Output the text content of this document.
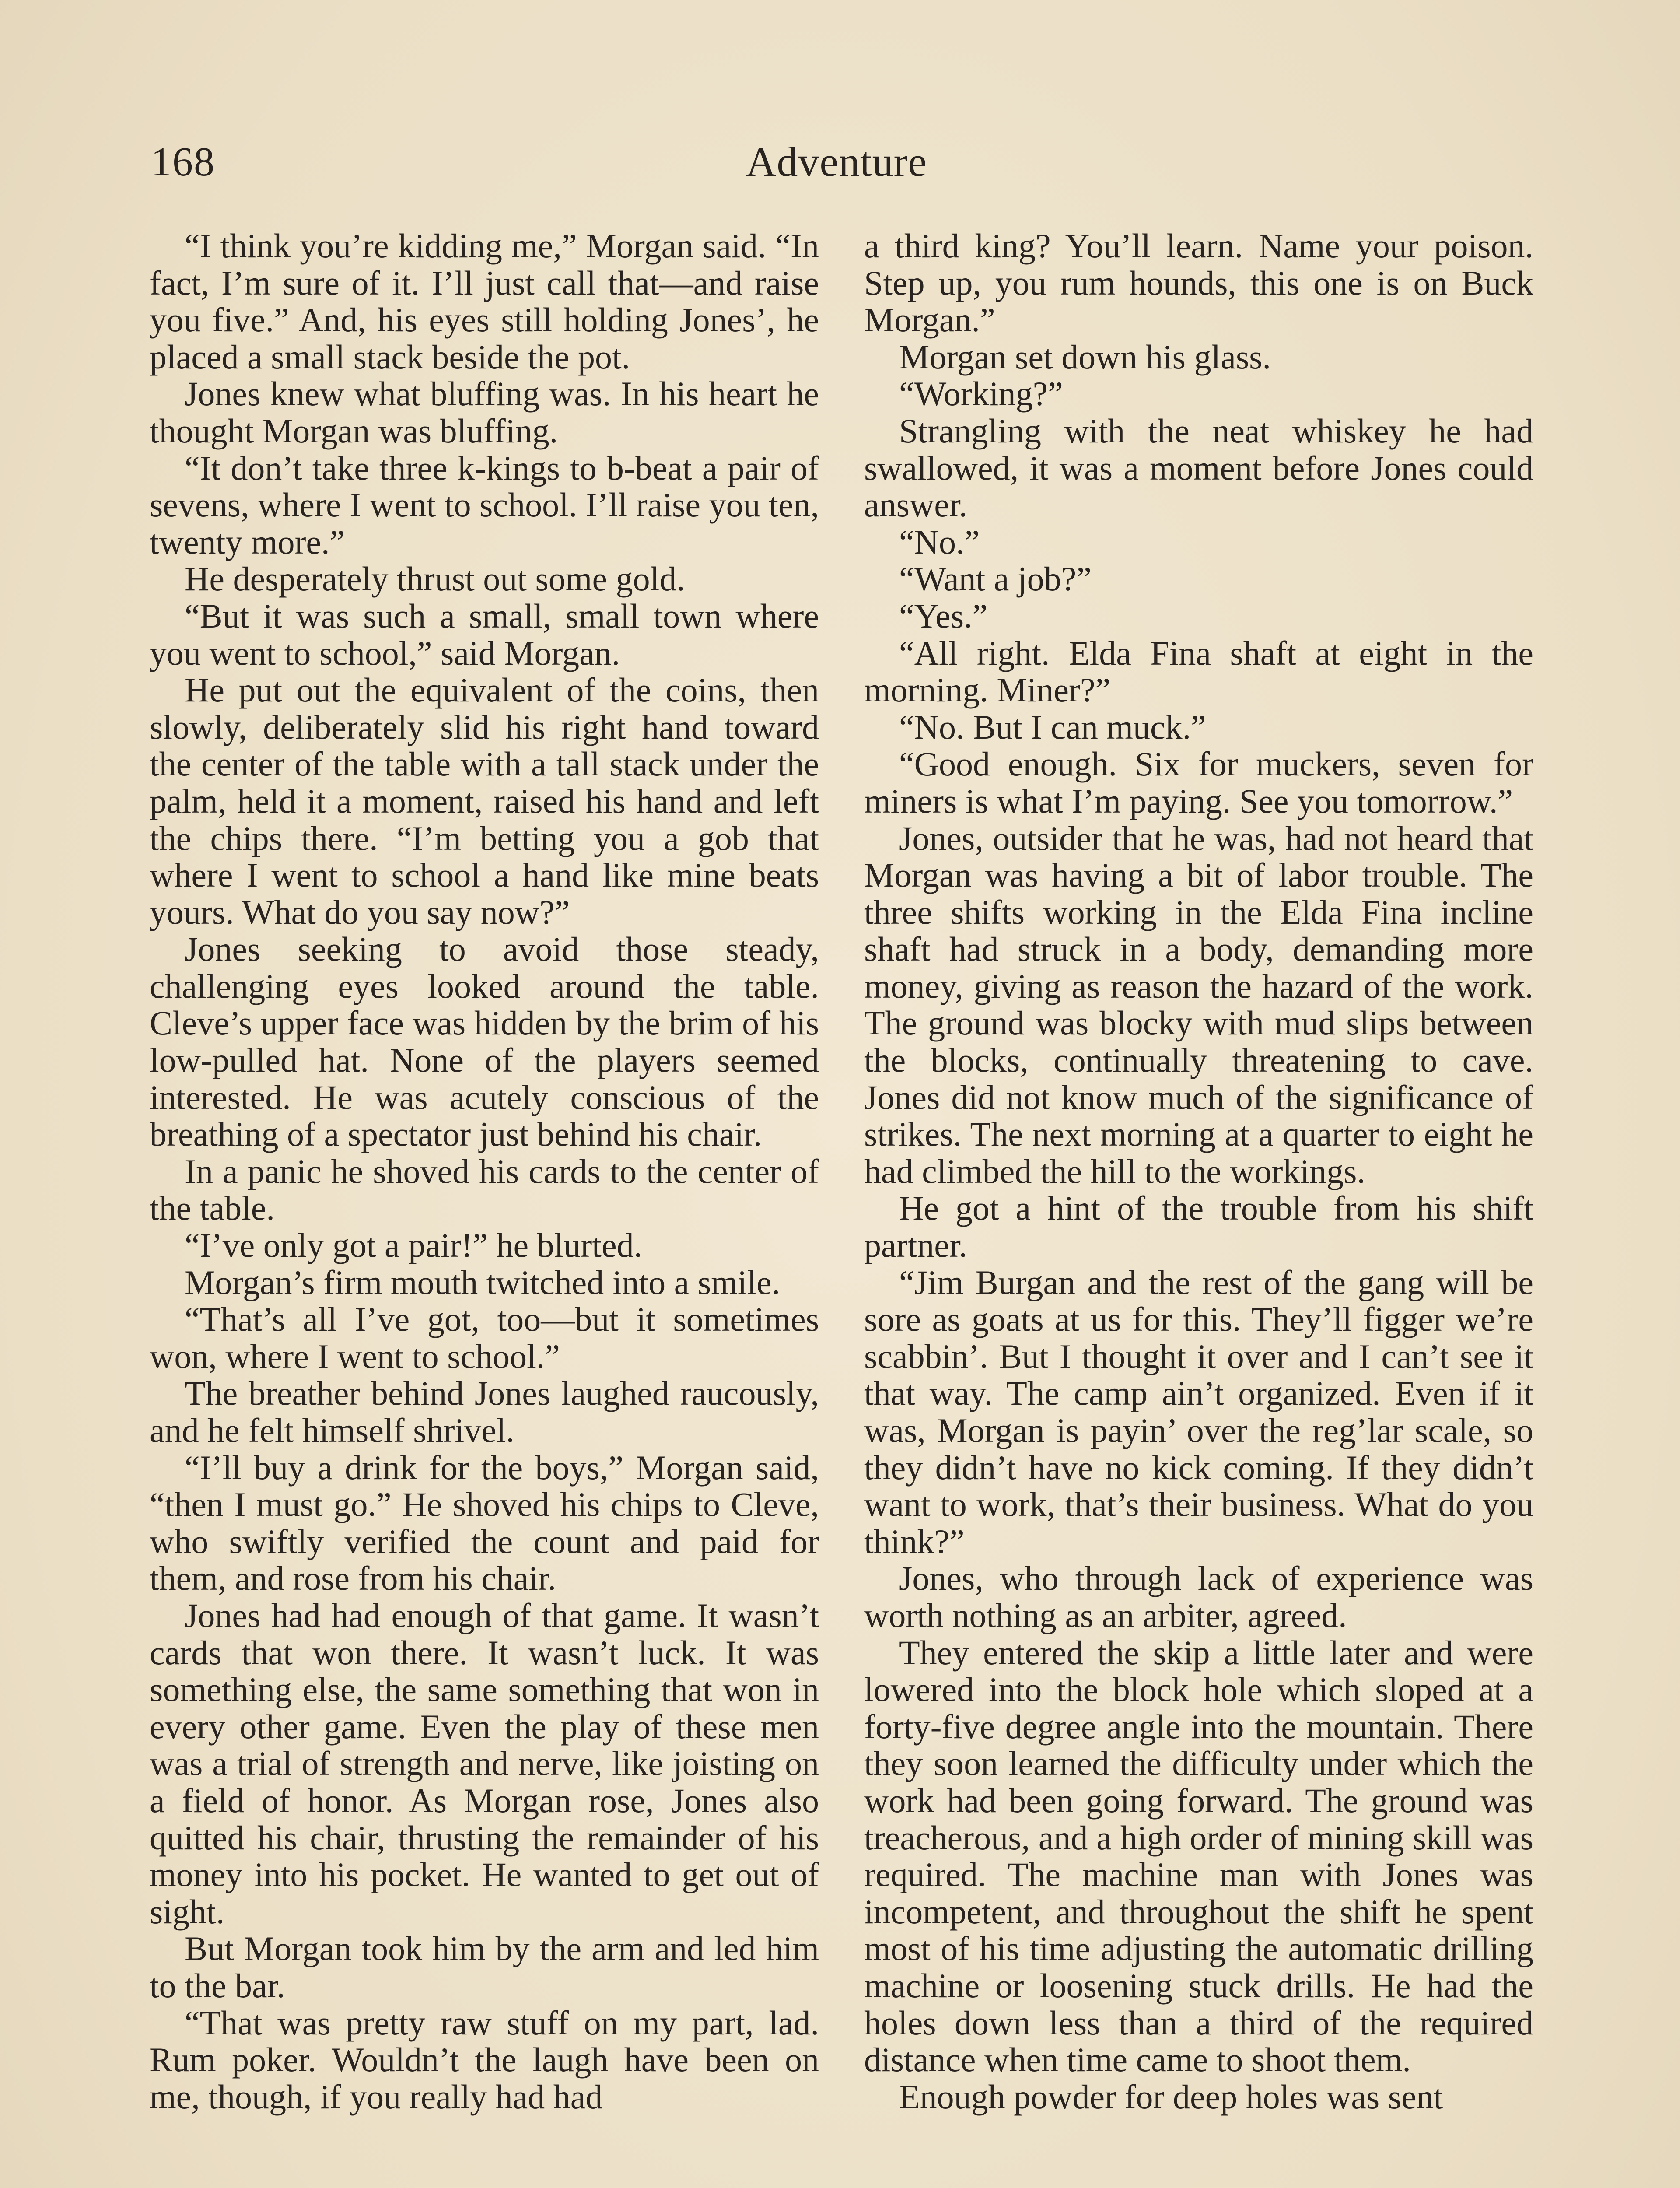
168	Adventure

“I think you’re kidding me,” Morgan said. “In fact, I’m sure of it. I’ll just call that—and raise you five.” And, his eyes still holding Jones’, he placed a small stack beside the pot.

Jones knew what bluffing was. In his heart he thought Morgan was bluffing.

“It don’t take three k-kings to b-beat a pair of sevens, where I went to school. I’ll raise you ten, twenty more.”

He desperately thrust out some gold.

“But it was such a small, small town where you went to school,” said Morgan.

He put out the equivalent of the coins, then slowly, deliberately slid his right hand toward the center of the table with a tall stack under the palm, held it a moment, raised his hand and left the chips there. “I’m betting you a gob that where I went to school a hand like mine beats yours. What do you say now?”

Jones seeking to avoid those steady, challenging eyes looked around the table. Cleve’s upper face was hidden by the brim of his low-pulled hat. None of the players seemed interested. He was acutely conscious of the breathing of a spectator just behind his chair.

In a panic he shoved his cards to the center of the table.

“I’ve only got a pair!” he blurted.

Morgan’s firm mouth twitched into a smile.

“That’s all I’ve got, too—but it sometimes won, where I went to school.”

The breather behind Jones laughed raucously, and he felt himself shrivel.

“I’ll buy a drink for the boys,” Morgan said, “then I must go.” He shoved his chips to Cleve, who swiftly verified the count and paid for them, and rose from his chair.

Jones had had enough of that game. It wasn’t cards that won there. It wasn’t luck. It was something else, the same something that won in every other game. Even the play of these men was a trial of strength and nerve, like joisting on a field of honor. As Morgan rose, Jones also quitted his chair, thrusting the remainder of his money into his pocket. He wanted to get out of sight.

But Morgan took him by the arm and led him to the bar.

“That was pretty raw stuff on my part, lad. Rum poker. Wouldn’t the laugh have been on me, though, if you really had had

a third king? You’ll learn. Name your poison. Step up, you rum hounds, this one is on Buck Morgan.”

Morgan set down his glass.

“Working?”

Strangling with the neat whiskey he had swallowed, it was a moment before Jones could answer.

“No.”

“Want a job?”

“Yes.”

“All right. Elda Fina shaft at eight in the morning. Miner?”

“No. But I can muck.”

“Good enough. Six for muckers, seven for miners is what I’m paying. See you tomorrow.”

Jones, outsider that he was, had not heard that Morgan was having a bit of labor trouble. The three shifts working in the Elda Fina incline shaft had struck in a body, demanding more money, giving as reason the hazard of the work. The ground was blocky with mud slips between the blocks, continually threatening to cave. Jones did not know much of the significance of strikes. The next morning at a quarter to eight he had climbed the hill to the workings.

He got a hint of the trouble from his shift partner.

“Jim Burgan and the rest of the gang will be sore as goats at us for this. They’ll figger we’re scabbin’. But I thought it over and I can’t see it that way. The camp ain’t organized. Even if it was, Morgan is payin’ over the reg’lar scale, so they didn’t have no kick coming. If they didn’t want to work, that’s their business. What do you think?”

Jones, who through lack of experience was worth nothing as an arbiter, agreed.

They entered the skip a little later and were lowered into the block hole which sloped at a forty-five degree angle into the mountain. There they soon learned the difficulty under which the work had been going forward. The ground was treacherous, and a high order of mining skill was required. The machine man with Jones was incompetent, and throughout the shift he spent most of his time adjusting the automatic drilling machine or loosening stuck drills. He had the holes down less than a third of the required distance when time came to shoot them.

Enough powder for deep holes was sent
